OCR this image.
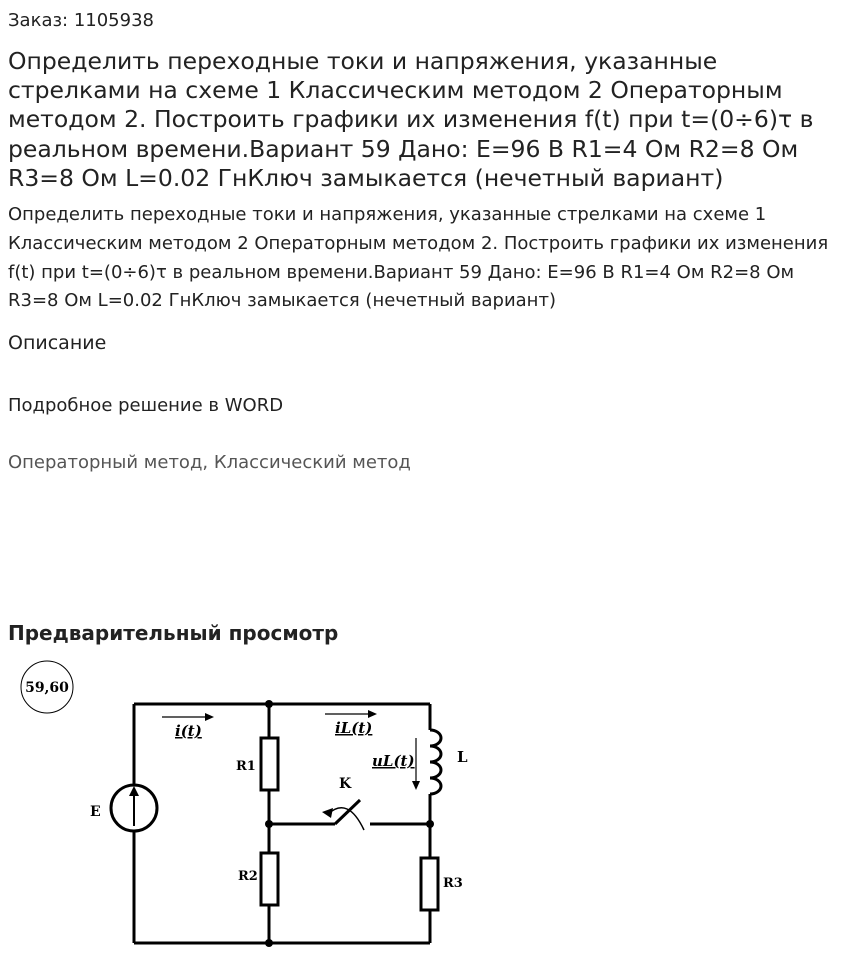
Заказ: 1105938
Определить переходные токи и напряжения, указанные стрелками на схеме 1 Классическим методом 2 Операторным методом 2. Построить графики их изменения f(t) при t=(0÷6)τ в реальном времени.Вариант 59 Дано: E=96 В R1=4 Ом R2=8 Ом R3=8 Ом L=0.02 ГнКлюч замыкается (нечетный вариант)

Определить переходные токи и напряжения, указанные стрелками на схеме 1 Классическим методом 2 Операторным методом 2. Построить графики их изменения f(t) при t=(0÷6)τ в реальном времени.Вариант 59 Дано: E=96 В R1=4 Ом R2=8 Ом R3=8 Ом L=0.02 ГнКлюч замыкается (нечетный вариант)

Описание

Подробное решение в WORD

Операторный метод, Классический метод

Предварительный просмотр
59,60
E
R1
R2	R3
L
K
i(t)	iL(t)
uL(t)
